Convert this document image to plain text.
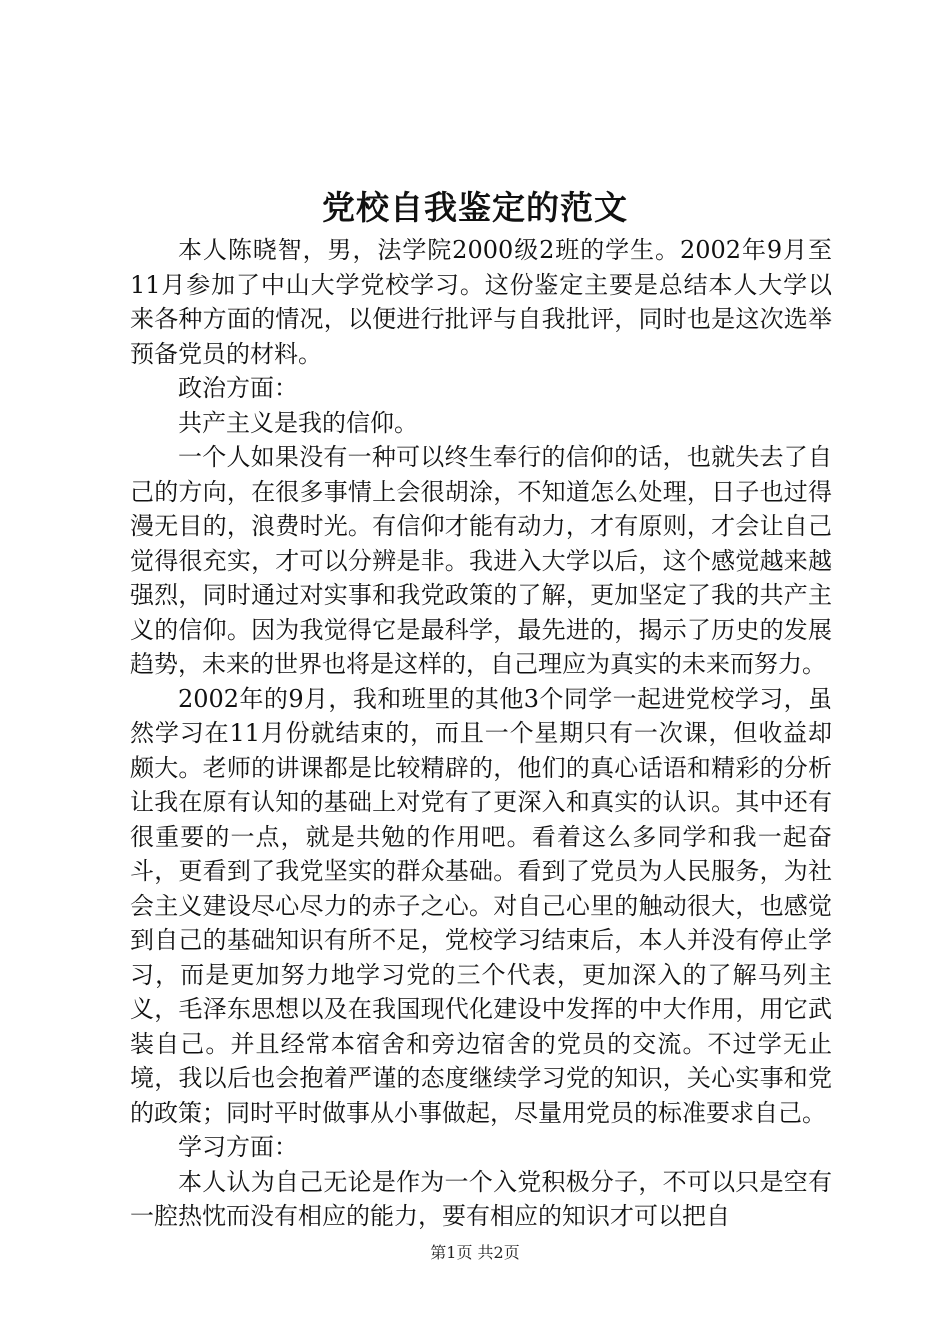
党校自我鉴定的范文

本人陈晓智，男，法学院2000级2班的学生。2002年9月至11月参加了中山大学党校学习。这份鉴定主要是总结本人大学以来各种方面的情况，以便进行批评与自我批评，同时也是这次选举预备党员的材料。

政治方面：

共产主义是我的信仰。

一个人如果没有一种可以终生奉行的信仰的话，也就失去了自己的方向，在很多事情上会很胡涂，不知道怎么处理，日子也过得漫无目的，浪费时光。有信仰才能有动力，才有原则，才会让自己觉得很充实，才可以分辨是非。我进入大学以后，这个感觉越来越强烈，同时通过对实事和我党政策的了解，更加坚定了我的共产主义的信仰。因为我觉得它是最科学，最先进的，揭示了历史的发展趋势，未来的世界也将是这样的，自己理应为真实的未来而努力。

2002年的9月，我和班里的其他3个同学一起进党校学习，虽然学习在11月份就结束的，而且一个星期只有一次课，但收益却颇大。老师的讲课都是比较精辟的，他们的真心话语和精彩的分析让我在原有认知的基础上对党有了更深入和真实的认识。其中还有很重要的一点，就是共勉的作用吧。看着这么多同学和我一起奋斗，更看到了我党坚实的群众基础。看到了党员为人民服务，为社会主义建设尽心尽力的赤子之心。对自己心里的触动很大，也感觉到自己的基础知识有所不足，党校学习结束后，本人并没有停止学习，而是更加努力地学习党的三个代表，更加深入的了解马列主义，毛泽东思想以及在我国现代化建设中发挥的中大作用，用它武装自己。并且经常本宿舍和旁边宿舍的党员的交流。不过学无止境，我以后也会抱着严谨的态度继续学习党的知识，关心实事和党的政策；同时平时做事从小事做起，尽量用党员的标准要求自己。

学习方面：

本人认为自己无论是作为一个入党积极分子，不可以只是空有一腔热忱而没有相应的能力，要有相应的知识才可以把自

第1页 共2页
